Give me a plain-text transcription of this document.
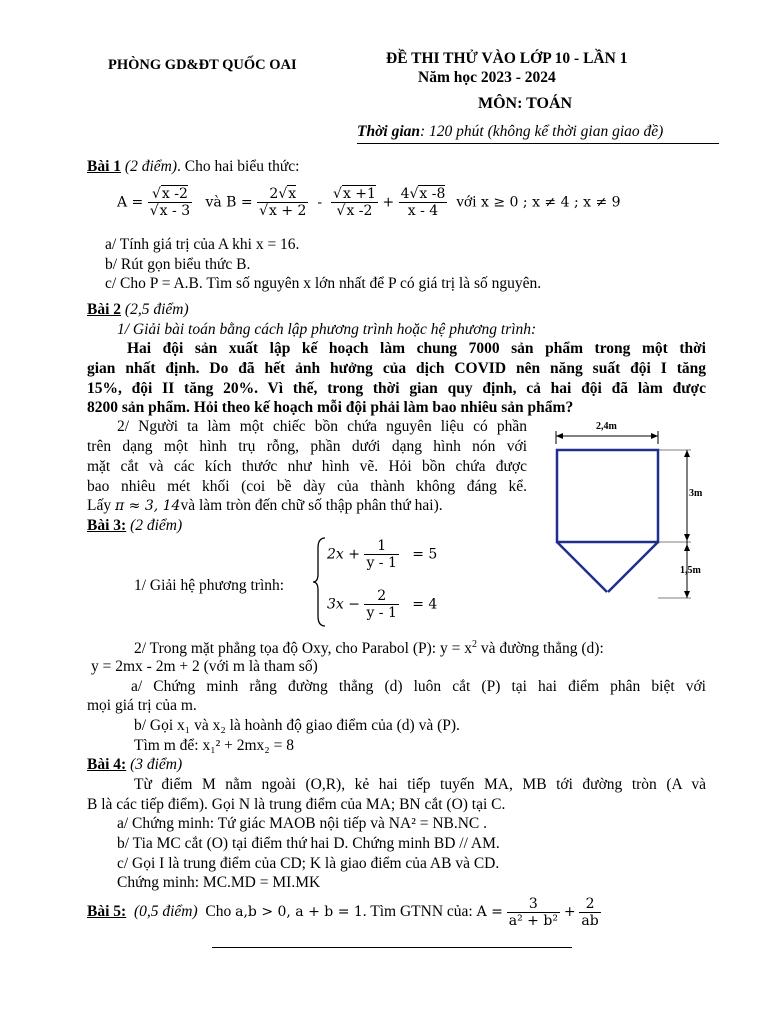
PHÒNG GD&ĐT QUỐC OAI	ĐỀ THI THỬ VÀO LỚP 10 - LẦN 1
Năm học 2023 - 2024
MÔN: TOÁN
Thời gian: 120 phút (không kể thời gian giao đề)
Bài 1 (2 điểm). Cho hai biểu thức:
$A = \frac{√x -2}{√x - 3}$ và $B = \frac{2√x}{√x + 2} - \frac{√x +1}{√x -2} + \frac{4√x -8}{x - 4}$ với x ≥ 0 ; x ≠ 4 ; x ≠ 9
a/ Tính giá trị của A khi x = 16.
b/ Rút gọn biểu thức B.
c/ Cho P = A.B. Tìm số nguyên x lớn nhất để P có giá trị là số nguyên.
Bài 2 (2,5 điểm)
1/ Giải bài toán bằng cách lập phương trình hoặc hệ phương trình:
Hai đội sản xuất lập kế hoạch làm chung 7000 sản phẩm trong một thời
gian nhất định. Do đã hết ảnh hưởng của dịch COVID nên năng suất đội I tăng
15%, đội II tăng 20%. Vì thế, trong thời gian quy định, cả hai đội đã làm được
8200 sản phẩm. Hỏi theo kế hoạch mỗi đội phải làm bao nhiêu sản phẩm?
2/ Người ta làm một chiếc bồn chứa nguyên liệu có phần
trên dạng một hình trụ rỗng, phần dưới dạng hình nón với
mặt cắt và các kích thước như hình vẽ. Hỏi bồn chứa được
bao nhiêu mét khối (coi bề dày của thành không đáng kể.
Lấy π ≈ 3, 14và làm tròn đến chữ số thập phân thứ hai).
2,4m
3m
1,5m
Bài 3: (2 điểm)
1/ Giải hệ phương trình:
$2x + \frac{1}{y - 1} = 5$
$3x - \frac{2}{y - 1} = 4$
2/ Trong mặt phẳng tọa độ Oxy, cho Parabol (P): $y = x^2$ và đường thẳng (d):
y = 2mx - 2m + 2 (với m là tham số)
a/ Chứng minh rằng đường thẳng (d) luôn cắt (P) tại hai điểm phân biệt với
mọi giá trị của m.
b/ Gọi x₁ và x₂ là hoành độ giao điểm của (d) và (P).
Tìm m để: x₁² + 2mx₂ = 8
Bài 4: (3 điểm)
Từ điểm M nằm ngoài (O,R), kẻ hai tiếp tuyến MA, MB tới đường tròn (A và
B là các tiếp điểm). Gọi N là trung điểm của MA; BN cắt (O) tại C.
a/ Chứng minh: Tứ giác MAOB nội tiếp và NA² = NB.NC .
b/ Tia MC cắt (O) tại điểm thứ hai D. Chứng minh BD // AM.
c/ Gọi I là trung điểm của CD; K là giao điểm của AB và CD.
Chứng minh: MC.MD = MI.MK
Bài 5: (0,5 điểm) Cho a,b > 0, a + b = 1. Tìm GTNN của: $A = \frac{3}{\text{a² + b²}} + \frac{2}{ab}$
